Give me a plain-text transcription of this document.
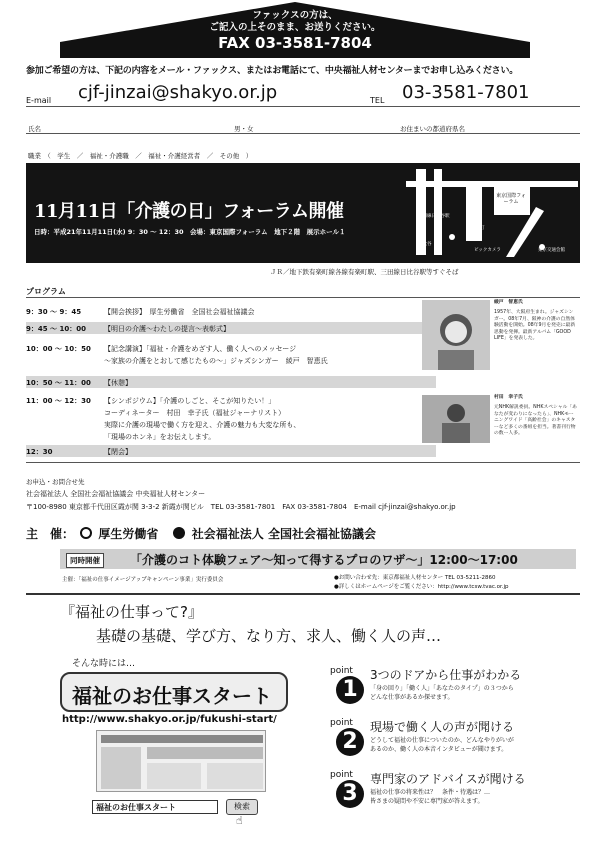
ファックスの方は、
ご記入の上そのまま、お送りください。
FAX 03-3581-7804
参加ご希望の方は、下記の内容をメール・ファックス、またはお電話にて、中央福祉人材センターまでお申し込みください。
E-mail cjf-jinzai@shakyo.or.jp	TEL 03-3581-7801
氏名	男・女	お住まいの都道府県名
職業　（　学生　／　福祉・介護職　／　福祉・介護経営者　／　その他　）
11月11日「介護の日」フォーラム開催
日時：平成21年11月11日(水) 9：30 ～ 12：30　会場：東京国際フォーラム　地下２階　展示ホール１
東京国際フォーラム
三田線日比谷駅
日比谷
有楽町
ビックカメラ	東京交通会館
ＪＲ／地下鉄有楽町線各線有楽町駅、三田線日比谷駅等すぐそば
プログラム
9：30 ～ 9：45	【開会挨拶】　厚生労働省　全国社会福祉協議会
9：45 ～ 10：00	【明日の介護～わたしの提言～表彰式】
10：00 ～ 10：50 【記念講演】「福祉・介護をめざす人、働く人へのメッセージ
～家族の介護をとおして感じたもの～」ジャズシンガー　綾戸　智恵氏
10：50 ～ 11：00 【休憩】
11：00 ～ 12：30 【シンポジウム】「介護のしごと、そこが知りたい！」
コーディネーター　村田　幸子氏（福祉ジャーナリスト）
実際に介護の現場で働く方を迎え、介護の魅力も大変な所も、
「現場のホンネ」をお伝えします。
12：30	【閉会】
綾戸　智恵氏
1957年、大阪府生まれ。ジャズシンガー。08年7月、阪神の介護の自然体験活動を開始。08年9月を発売に最新思動を発揮。最新アルバム「GOOD LIFE」を発表した。
村田　幸子氏
元NHK解説委員。NHKスペシャル「あなたが変わりになったら」、NHKモーニングワイド「高齢社会」のキャスターなど多くの番組を担当。著書刊行物の数ー人多。
お申込・お問合せ先
社会福祉法人 全国社会福祉協議会 中央福祉人材センター
〒100-8980 東京都千代田区霞が関 3-3-2 新霞が関ビル　TEL 03-3581-7801　FAX 03-3581-7804　E-mail cjf-jinzai@shakyo.or.jp
主　催： 厚生労働省	社会福祉法人 全国社会福祉協議会
同時開催	「介護のコト体験フェア～知って得するプロのワザ～」12:00～17:00
主催：「福祉の仕事イメージアップキャンペーン事業」実行委員会	●お問い合わせ先：東京都福祉人材センター TEL 03-5211-2860
●詳しくはホームページをご覧ください：http://www.tcsw.tvac.or.jp
『福祉の仕事って?』
基礎の基礎、学び方、なり方、求人、働く人の声…
そんな時には…
福祉のお仕事スタート
http://www.shakyo.or.jp/fukushi-start/
福祉のお仕事スタート	検索
☝
point
1
3つのドアから仕事がわかる
「身の回り」「働く人」「あなたのタイプ」の３つから
どんな仕事があるか探せます。
point
2
現場で働く人の声が聞ける
どうして福祉の仕事についたのか、どんなやりがいが
あるのか、働く人の本音インタビューが聞けます。
point
3
専門家のアドバイスが聞ける
福祉の仕事の将来性は？　条件・待遇は？…
皆さまの疑問や不安に専門家が答えます。
